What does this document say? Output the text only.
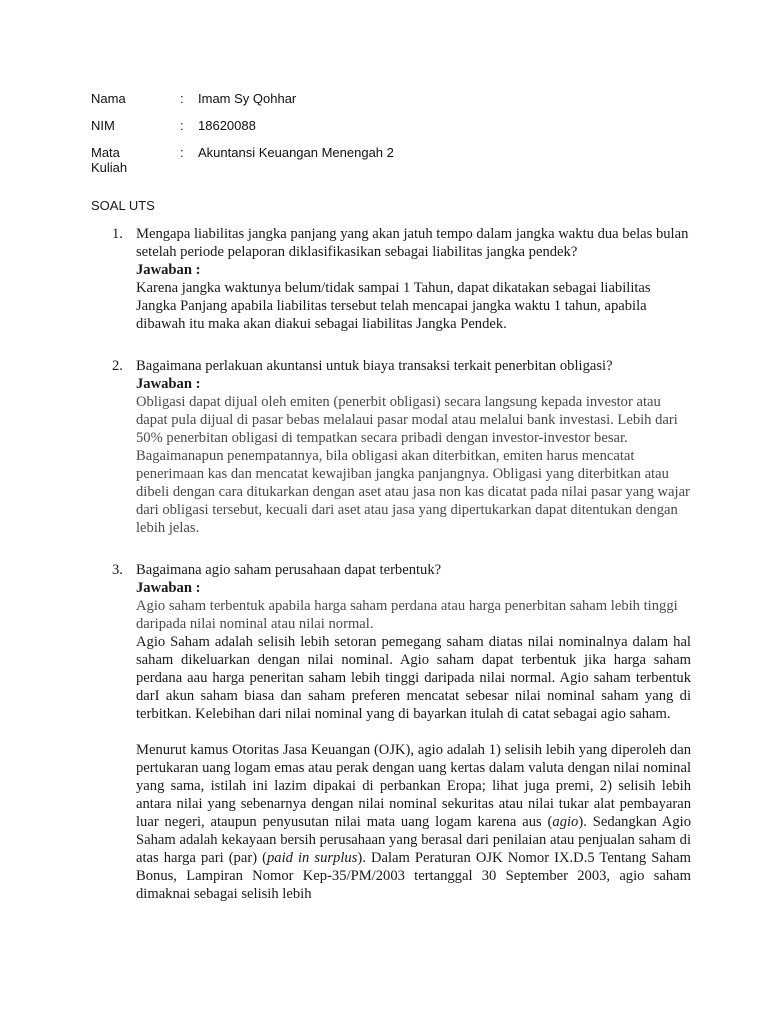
Nama	: Imam Sy Qohhar
NIM	: 18620088
Mata Kuliah
: Akuntansi Keuangan Menengah 2
SOAL UTS
1. Mengapa liabilitas jangka panjang yang akan jatuh tempo dalam jangka waktu dua belas bulan setelah periode pelaporan diklasifikasikan sebagai liabilitas jangka pendek?
Jawaban :
Karena jangka waktunya belum/tidak sampai 1 Tahun, dapat dikatakan sebagai liabilitas Jangka Panjang apabila liabilitas tersebut telah mencapai jangka waktu 1 tahun, apabila dibawah itu maka akan diakui sebagai liabilitas Jangka Pendek.
2. Bagaimana perlakuan akuntansi untuk biaya transaksi terkait penerbitan obligasi?
Jawaban :
Obligasi dapat dijual oleh emiten (penerbit obligasi) secara langsung kepada investor atau dapat pula dijual di pasar bebas melalaui pasar modal atau melalui bank investasi. Lebih dari 50% penerbitan obligasi di tempatkan secara pribadi dengan investor-investor besar. Bagaimanapun penempatannya, bila obligasi akan diterbitkan, emiten harus mencatat penerimaan kas dan mencatat kewajiban jangka panjangnya. Obligasi yang diterbitkan atau dibeli dengan cara ditukarkan dengan aset atau jasa non kas dicatat pada nilai pasar yang wajar dari obligasi tersebut, kecuali dari aset atau jasa yang dipertukarkan dapat ditentukan dengan lebih jelas.
3. Bagaimana agio saham perusahaan dapat terbentuk?
Jawaban :
Agio saham terbentuk apabila harga saham perdana atau harga penerbitan saham lebih tinggi daripada nilai nominal atau nilai normal.
Agio Saham adalah selisih lebih setoran pemegang saham diatas nilai nominalnya dalam hal saham dikeluarkan dengan nilai nominal. Agio saham dapat terbentuk jika harga saham perdana aau harga peneritan saham lebih tinggi daripada nilai normal. Agio saham terbentuk darI akun saham biasa dan saham preferen mencatat sebesar nilai nominal saham yang di terbitkan. Kelebihan dari nilai nominal yang di bayarkan itulah di catat sebagai agio saham.
Menurut kamus Otoritas Jasa Keuangan (OJK), agio adalah 1) selisih lebih yang diperoleh dan pertukaran uang logam emas atau perak dengan uang kertas dalam valuta dengan nilai nominal yang sama, istilah ini lazim dipakai di perbankan Eropa; lihat juga premi, 2) selisih lebih antara nilai yang sebenarnya dengan nilai nominal sekuritas atau nilai tukar alat pembayaran luar negeri, ataupun penyusutan nilai mata uang logam karena aus (agio). Sedangkan Agio Saham adalah kekayaan bersih perusahaan yang berasal dari penilaian atau penjualan saham di atas harga pari (par) (paid in surplus). Dalam Peraturan OJK Nomor IX.D.5 Tentang Saham Bonus, Lampiran Nomor Kep-35/PM/2003 tertanggal 30 September 2003, agio saham dimaknai sebagai selisih lebih
